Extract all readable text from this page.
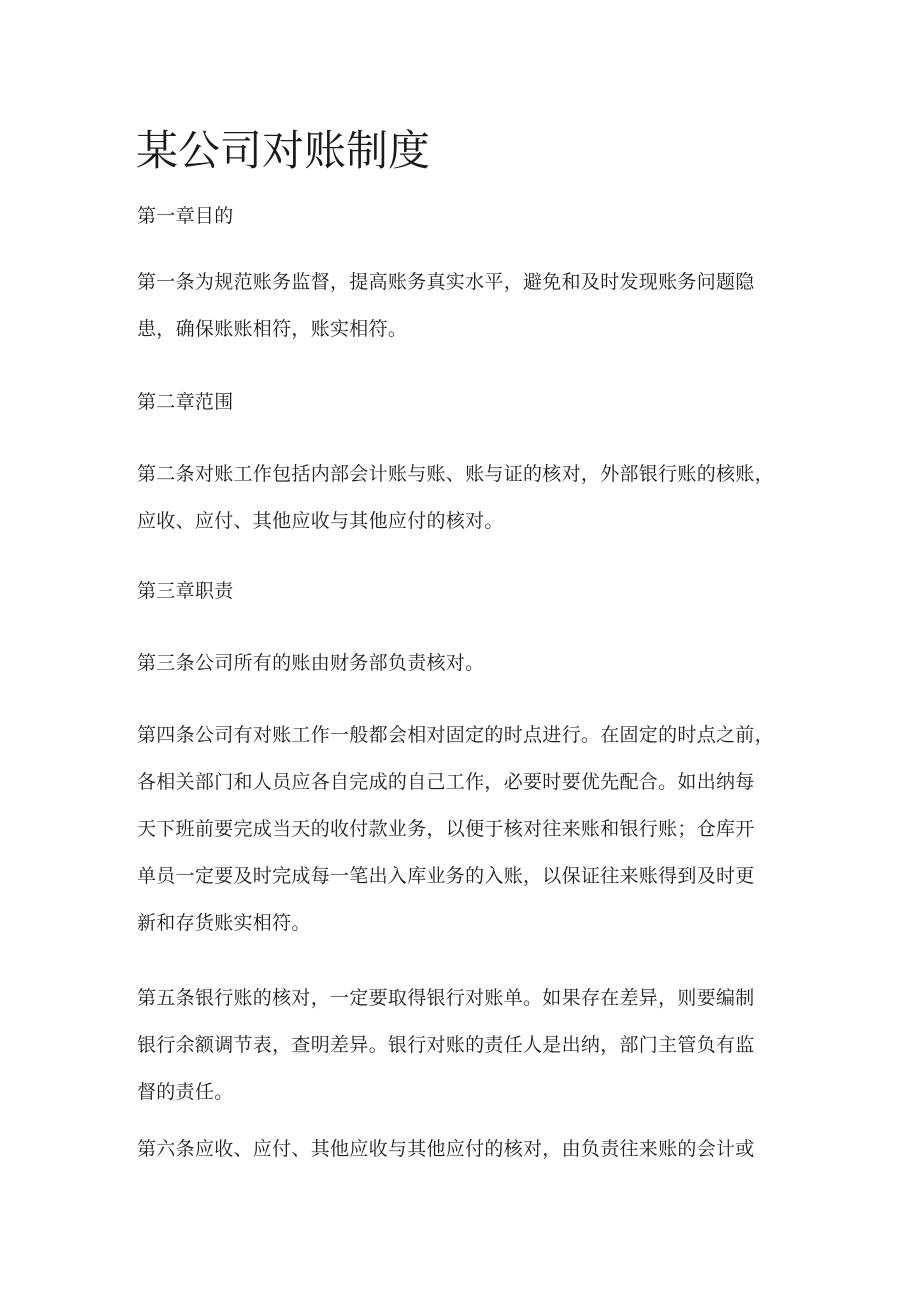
某公司对账制度

第一章目的

第一条为规范账务监督，提高账务真实水平，避免和及时发现账务问题隐
患，确保账账相符，账实相符。

第二章范围

第二条对账工作包括内部会计账与账、账与证的核对，外部银行账的核账，
应收、应付、其他应收与其他应付的核对。

第三章职责

第三条公司所有的账由财务部负责核对。

第四条公司有对账工作一般都会相对固定的时点进行。在固定的时点之前，
各相关部门和人员应各自完成的自己工作，必要时要优先配合。如出纳每
天下班前要完成当天的收付款业务，以便于核对往来账和银行账；仓库开
单员一定要及时完成每一笔出入库业务的入账，以保证往来账得到及时更
新和存货账实相符。

第五条银行账的核对，一定要取得银行对账单。如果存在差异，则要编制
银行余额调节表，查明差异。银行对账的责任人是出纳，部门主管负有监
督的责任。

第六条应收、应付、其他应收与其他应付的核对，由负责往来账的会计或
